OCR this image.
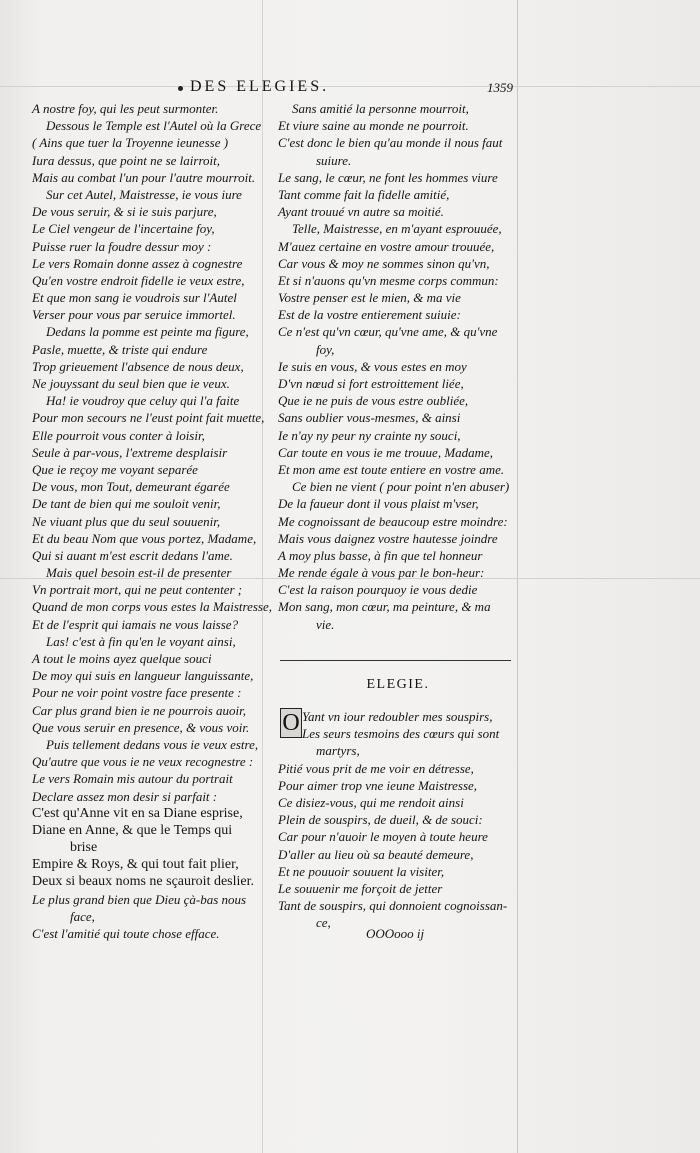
DES ELEGIES.	1359
A nostre foy, qui les peut surmonter.
Dessous le Temple est l'Autel où la Grece
( Ains que tuer la Troyenne ieunesse )
Iura dessus, que point ne se lairroit,
Mais au combat l'un pour l'autre mourroit.
Sur cet Autel, Maistresse, ie vous iure
De vous seruir, & si ie suis parjure,
Le Ciel vengeur de l'incertaine foy,
Puisse ruer la foudre dessur moy :
Le vers Romain donne assez à cognestre
Qu'en vostre endroit fidelle ie veux estre,
Et que mon sang ie voudrois sur l'Autel
Verser pour vous par seruice immortel.
Dedans la pomme est peinte ma figure,
Pasle, muette, & triste qui endure
Trop grieuement l'absence de nous deux,
Ne jouyssant du seul bien que ie veux.
Ha! ie voudroy que celuy qui l'a faite
Pour mon secours ne l'eust point fait muette,
Elle pourroit vous conter à loisir,
Seule à par-vous, l'extreme desplaisir
Que ie reçoy me voyant separée
De vous, mon Tout, demeurant égarée
De tant de bien qui me souloit venir,
Ne viuant plus que du seul souuenir,
Et du beau Nom que vous portez, Madame,
Qui si auant m'est escrit dedans l'ame.
Mais quel besoin est-il de presenter
Vn portrait mort, qui ne peut contenter ;
Quand de mon corps vous estes la Maistresse,
Et de l'esprit qui iamais ne vous laisse?
Las! c'est à fin qu'en le voyant ainsi,
A tout le moins ayez quelque souci
De moy qui suis en langueur languissante,
Pour ne voir point vostre face presente :
Car plus grand bien ie ne pourrois auoir,
Que vous seruir en presence, & vous voir.
Puis tellement dedans vous ie veux estre,
Qu'autre que vous ie ne veux recognestre :
Le vers Romain mis autour du portrait
Declare assez mon desir si parfait :
C'est qu'Anne vit en sa Diane esprise,
Diane en Anne, & que le Temps qui
brise
Empire & Roys, & qui tout fait plier,
Deux si beaux noms ne sçauroit deslier.
Le plus grand bien que Dieu çà-bas nous
face,
C'est l'amitié qui toute chose efface.
Sans amitié la personne mourroit,
Et viure saine au monde ne pourroit.
C'est donc le bien qu'au monde il nous faut
suiure.
Le sang, le cœur, ne font les hommes viure
Tant comme fait la fidelle amitié,
Ayant trouué vn autre sa moitié.
Telle, Maistresse, en m'ayant esprouuée,
M'auez certaine en vostre amour trouuée,
Car vous & moy ne sommes sinon qu'vn,
Et si n'auons qu'vn mesme corps commun:
Vostre penser est le mien, & ma vie
Est de la vostre entierement suiuie:
Ce n'est qu'vn cœur, qu'vne ame, & qu'vne
foy,
Ie suis en vous, & vous estes en moy
D'vn nœud si fort estroittement liée,
Que ie ne puis de vous estre oubliée,
Sans oublier vous-mesmes, & ainsi
Ie n'ay ny peur ny crainte ny souci,
Car toute en vous ie me trouue, Madame,
Et mon ame est toute entiere en vostre ame.
Ce bien ne vient ( pour point n'en abuser)
De la faueur dont il vous plaist m'vser,
Me cognoissant de beaucoup estre moindre:
Mais vous daignez vostre hautesse joindre
A moy plus basse, à fin que tel honneur
Me rende égale à vous par le bon-heur:
C'est la raison pourquoy ie vous dedie
Mon sang, mon cœur, ma peinture, & ma
vie.
ELEGIE.
O Yant vn iour redoubler mes souspirs,
Les seurs tesmoins des cœurs qui sont
martyrs,
Pitié vous prit de me voir en détresse,
Pour aimer trop vne ieune Maistresse,
Ce disiez-vous, qui me rendoit ainsi
Plein de souspirs, de dueil, & de souci:
Car pour n'auoir le moyen à toute heure
D'aller au lieu où sa beauté demeure,
Et ne pouuoir souuent la visiter,
Le souuenir me forçoit de jetter
Tant de souspirs, qui donnoient cognoissan-
ce,
OOOooo ij
